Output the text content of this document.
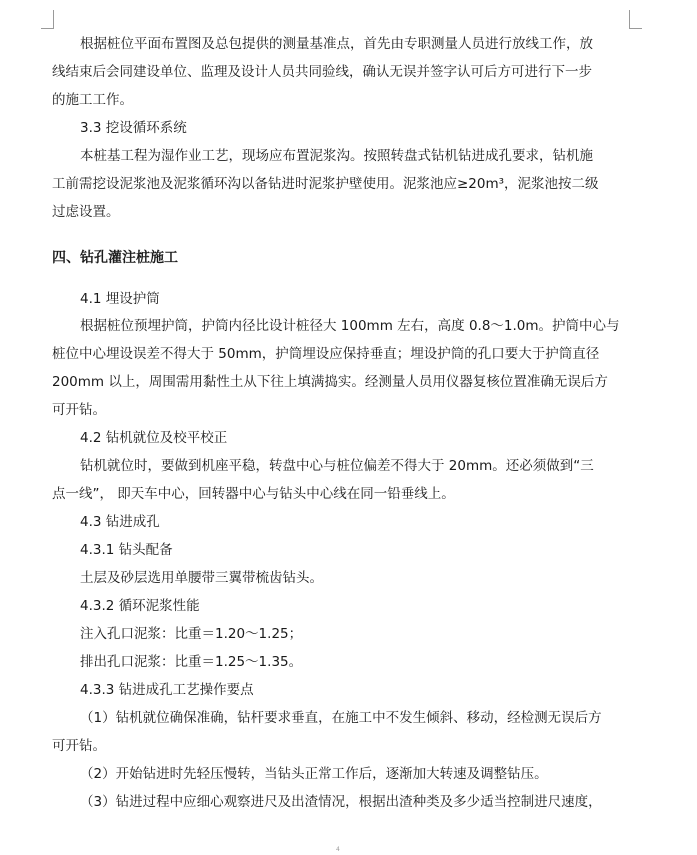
根据桩位平面布置图及总包提供的测量基准点，首先由专职测量人员进行放线工作，放
线结束后会同建设单位、监理及设计人员共同验线，确认无误并签字认可后方可进行下一步
的施工工作。
3.3 挖设循环系统
本桩基工程为湿作业工艺，现场应布置泥浆沟。按照转盘式钻机钻进成孔要求，钻机施
工前需挖设泥浆池及泥浆循环沟以备钻进时泥浆护壁使用。泥浆池应≥20m³，泥浆池按二级
过虑设置。
四、钻孔灌注桩施工
4.1 埋设护筒
根据桩位预埋护筒，护筒内径比设计桩径大 100mm 左右，高度 0.8～1.0m。护筒中心与
桩位中心埋设误差不得大于 50mm，护筒埋设应保持垂直；埋设护筒的孔口要大于护筒直径
200mm 以上，周围需用黏性土从下往上填满捣实。经测量人员用仪器复核位置准确无误后方
可开钻。
4.2 钻机就位及校平校正
钻机就位时，要做到机座平稳，转盘中心与桩位偏差不得大于 20mm。还必须做到“三
点一线”， 即天车中心，回转器中心与钻头中心线在同一铅垂线上。
4.3 钻进成孔
4.3.1 钻头配备
土层及砂层选用单腰带三翼带梳齿钻头。
4.3.2 循环泥浆性能
注入孔口泥浆：比重＝1.20～1.25；
排出孔口泥浆：比重＝1.25～1.35。
4.3.3 钻进成孔工艺操作要点
（1）钻机就位确保准确，钻杆要求垂直，在施工中不发生倾斜、移动，经检测无误后方
可开钻。
（2）开始钻进时先轻压慢转，当钻头正常工作后，逐渐加大转速及调整钻压。
（3）钻进过程中应细心观察进尺及出渣情况，根据出渣种类及多少适当控制进尺速度，
4
